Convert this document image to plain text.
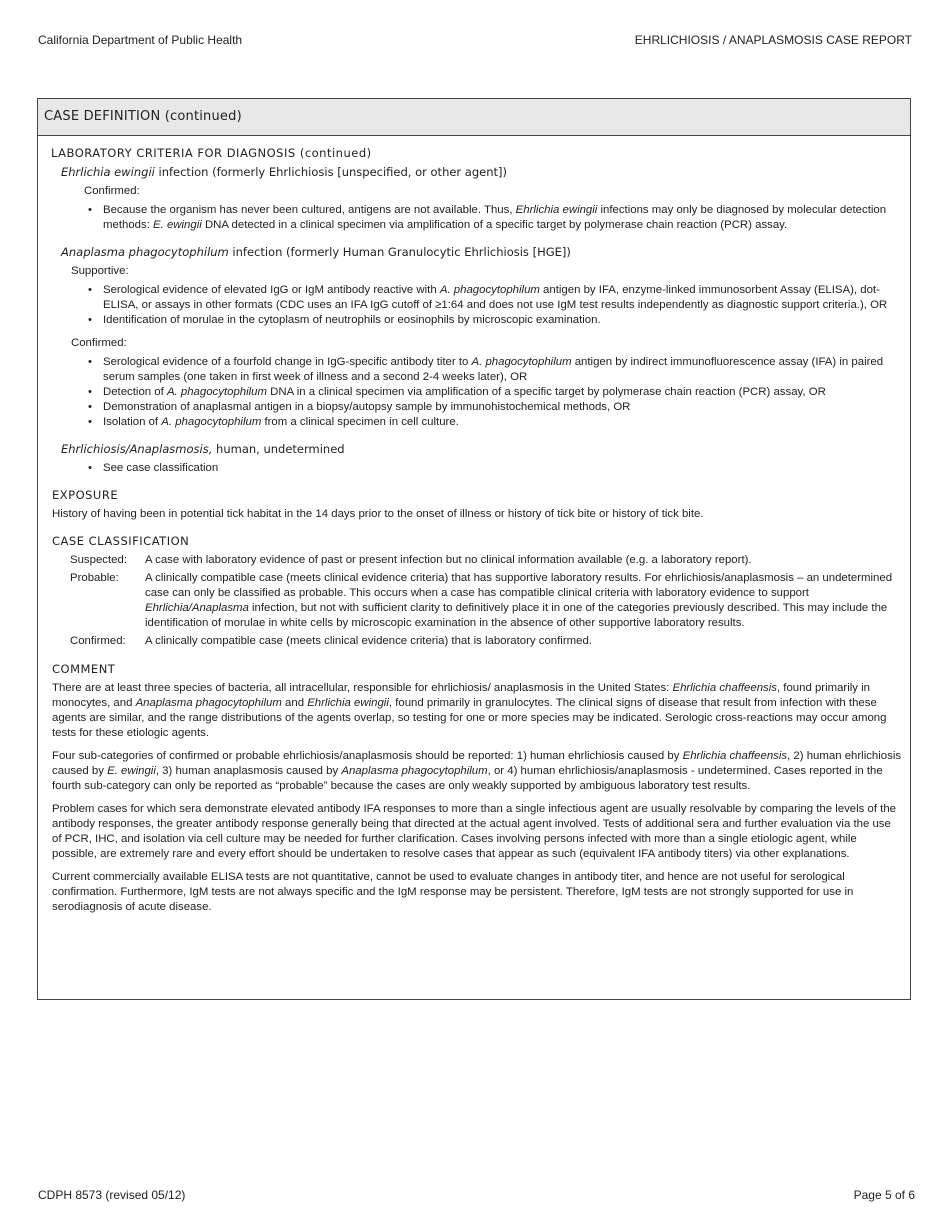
California Department of Public Health	EHRLICHIOSIS / ANAPLASMOSIS CASE REPORT
CASE DEFINITION (continued)
LABORATORY CRITERIA FOR DIAGNOSIS (continued)
Ehrlichia ewingii infection (formerly Ehrlichiosis [unspecified, or other agent])
Confirmed:
• Because the organism has never been cultured, antigens are not available. Thus, Ehrlichia ewingii infections may only be diagnosed by molecular detection methods: E. ewingii DNA detected in a clinical specimen via amplification of a specific target by polymerase chain reaction (PCR) assay.
Anaplasma phagocytophilum infection (formerly Human Granulocytic Ehrlichiosis [HGE])
Supportive:
• Serological evidence of elevated IgG or IgM antibody reactive with A. phagocytophilum antigen by IFA, enzyme-linked immunosorbent Assay (ELISA), dot-ELISA, or assays in other formats (CDC uses an IFA IgG cutoff of ≥1:64 and does not use IgM test results independently as diagnostic support criteria.), OR
• Identification of morulae in the cytoplasm of neutrophils or eosinophils by microscopic examination.
Confirmed:
• Serological evidence of a fourfold change in IgG-specific antibody titer to A. phagocytophilum antigen by indirect immunofluorescence assay (IFA) in paired serum samples (one taken in first week of illness and a second 2-4 weeks later), OR
• Detection of A. phagocytophilum DNA in a clinical specimen via amplification of a specific target by polymerase chain reaction (PCR) assay, OR
• Demonstration of anaplasmal antigen in a biopsy/autopsy sample by immunohistochemical methods, OR
• Isolation of A. phagocytophilum from a clinical specimen in cell culture.
Ehrlichiosis/Anaplasmosis, human, undetermined
• See case classification
EXPOSURE
History of having been in potential tick habitat in the 14 days prior to the onset of illness or history of tick bite or history of tick bite.
CASE CLASSIFICATION
Suspected:	A case with laboratory evidence of past or present infection but no clinical information available (e.g. a laboratory report).
Probable:	A clinically compatible case (meets clinical evidence criteria) that has supportive laboratory results. For ehrlichiosis/anaplasmosis – an undetermined case can only be classified as probable. This occurs when a case has compatible clinical criteria with laboratory evidence to support Ehrlichia/Anaplasma infection, but not with sufficient clarity to definitively place it in one of the categories previously described. This may include the identification of morulae in white cells by microscopic examination in the absence of other supportive laboratory results.
Confirmed:	A clinically compatible case (meets clinical evidence criteria) that is laboratory confirmed.
COMMENT
There are at least three species of bacteria, all intracellular, responsible for ehrlichiosis/ anaplasmosis in the United States: Ehrlichia chaffeensis, found primarily in monocytes, and Anaplasma phagocytophilum and Ehrlichia ewingii, found primarily in granulocytes. The clinical signs of disease that result from infection with these agents are similar, and the range distributions of the agents overlap, so testing for one or more species may be indicated. Serologic cross-reactions may occur among tests for these etiologic agents.
Four sub-categories of confirmed or probable ehrlichiosis/anaplasmosis should be reported: 1) human ehrlichiosis caused by Ehrlichia chaffeensis, 2) human ehrlichiosis caused by E. ewingii, 3) human anaplasmosis caused by Anaplasma phagocytophilum, or 4) human ehrlichiosis/anaplasmosis - undetermined. Cases reported in the fourth sub-category can only be reported as “probable” because the cases are only weakly supported by ambiguous laboratory test results.
Problem cases for which sera demonstrate elevated antibody IFA responses to more than a single infectious agent are usually resolvable by comparing the levels of the antibody responses, the greater antibody response generally being that directed at the actual agent involved. Tests of additional sera and further evaluation via the use of PCR, IHC, and isolation via cell culture may be needed for further clarification. Cases involving persons infected with more than a single etiologic agent, while possible, are extremely rare and every effort should be undertaken to resolve cases that appear as such (equivalent IFA antibody titers) via other explanations.
Current commercially available ELISA tests are not quantitative, cannot be used to evaluate changes in antibody titer, and hence are not useful for serological confirmation. Furthermore, IgM tests are not always specific and the IgM response may be persistent. Therefore, IgM tests are not strongly supported for use in serodiagnosis of acute disease.
CDPH 8573 (revised 05/12)	Page 5 of 6
